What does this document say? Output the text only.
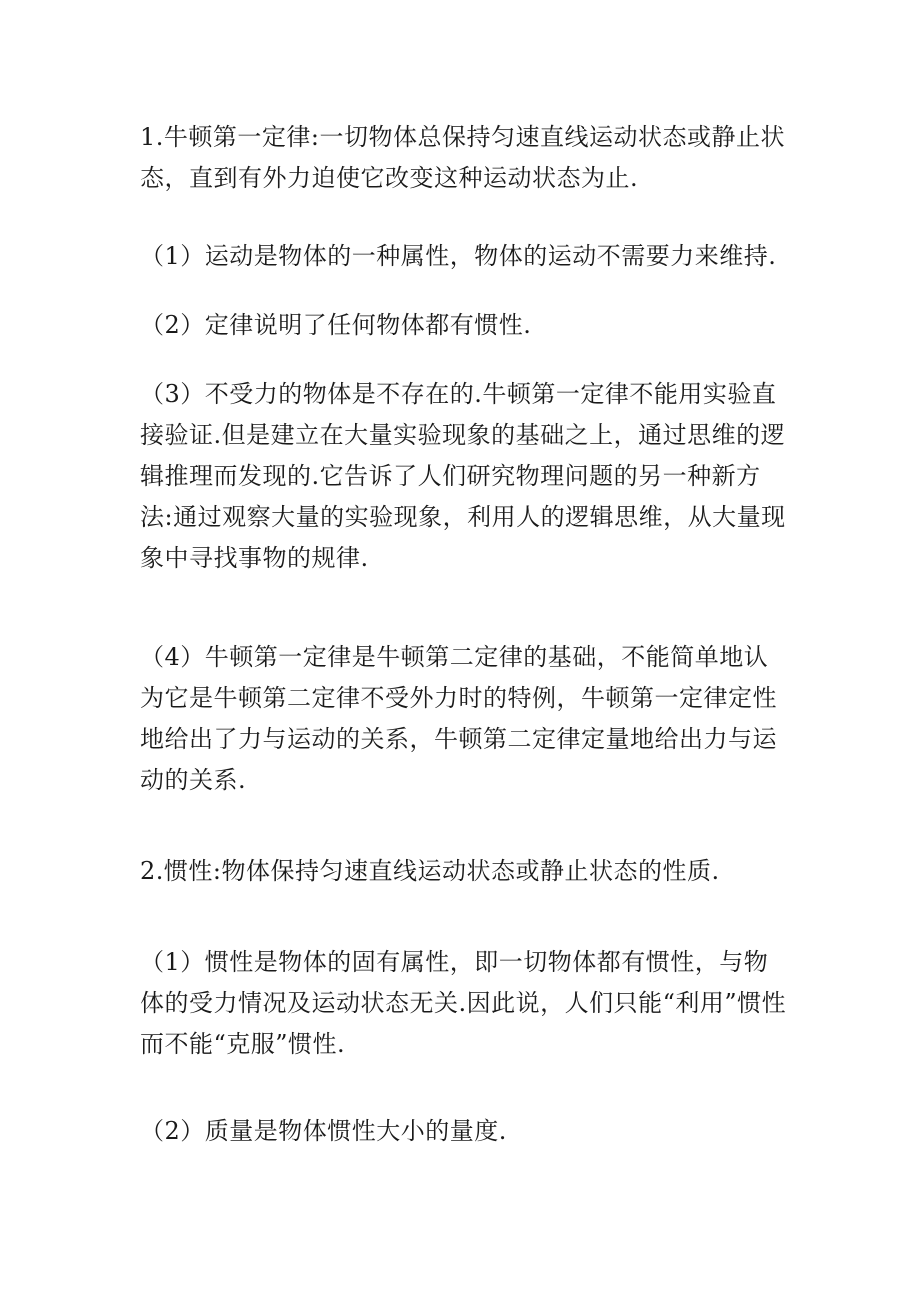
1.牛顿第一定律:一切物体总保持匀速直线运动状态或静止状态，直到有外力迫使它改变这种运动状态为止.

（1）运动是物体的一种属性，物体的运动不需要力来维持.

（2）定律说明了任何物体都有惯性.

（3）不受力的物体是不存在的.牛顿第一定律不能用实验直接验证.但是建立在大量实验现象的基础之上，通过思维的逻辑推理而发现的.它告诉了人们研究物理问题的另一种新方法:通过观察大量的实验现象，利用人的逻辑思维，从大量现象中寻找事物的规律.

（4）牛顿第一定律是牛顿第二定律的基础，不能简单地认为它是牛顿第二定律不受外力时的特例，牛顿第一定律定性地给出了力与运动的关系，牛顿第二定律定量地给出力与运动的关系.

2.惯性:物体保持匀速直线运动状态或静止状态的性质.

（1）惯性是物体的固有属性，即一切物体都有惯性，与物体的受力情况及运动状态无关.因此说，人们只能“利用”惯性而不能“克服”惯性.

（2）质量是物体惯性大小的量度.
